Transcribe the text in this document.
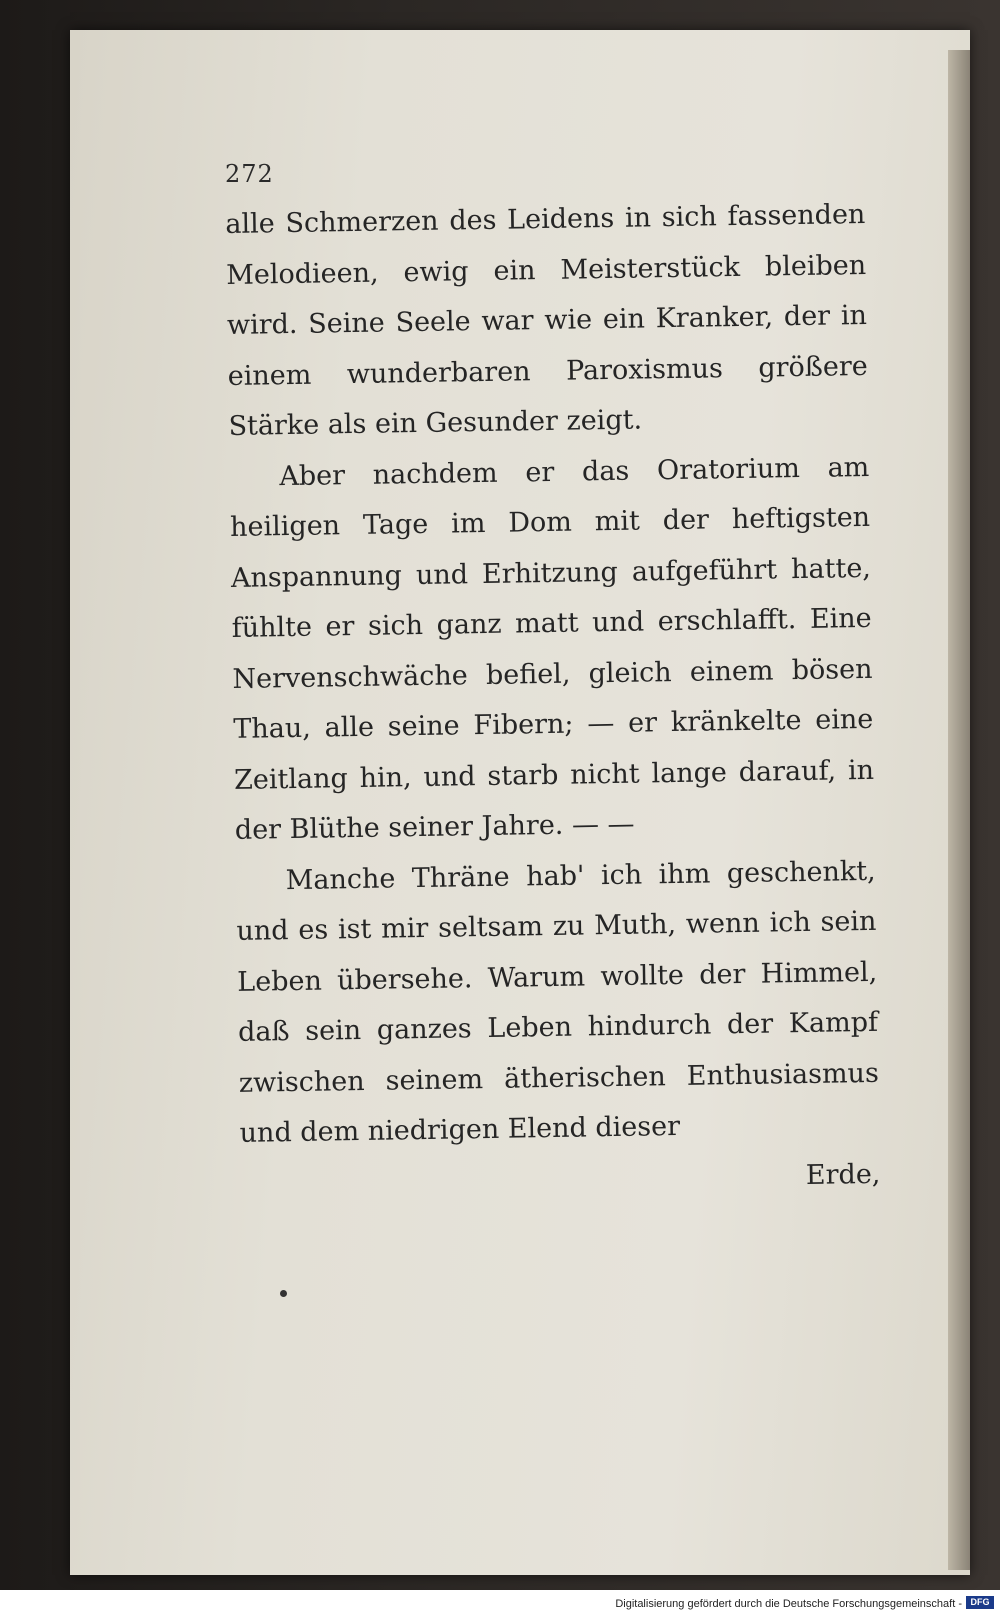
272

alle Schmerzen des Leidens in sich fassenden Melodieen, ewig ein Meisterstück bleiben wird. Seine Seele war wie ein Kranker, der in einem wunderbaren Paroxismus größere Stärke als ein Gesunder zeigt.

Aber nachdem er das Oratorium am heiligen Tage im Dom mit der heftigsten Anspannung und Erhitzung aufgeführt hatte, fühlte er sich ganz matt und erschlafft. Eine Nervenschwäche befiel, gleich einem bösen Thau, alle seine Fibern; — er kränkelte eine Zeitlang hin, und starb nicht lange darauf, in der Blüthe seiner Jahre. — —

Manche Thräne hab' ich ihm geschenkt, und es ist mir seltsam zu Muth, wenn ich sein Leben übersehe. Warum wollte der Himmel, daß sein ganzes Leben hindurch der Kampf zwischen seinem ätherischen Enthusiasmus und dem niedrigen Elend dieser

Erde,

Digitalisierung gefördert durch die Deutsche Forschungsgemeinschaft - DFG
